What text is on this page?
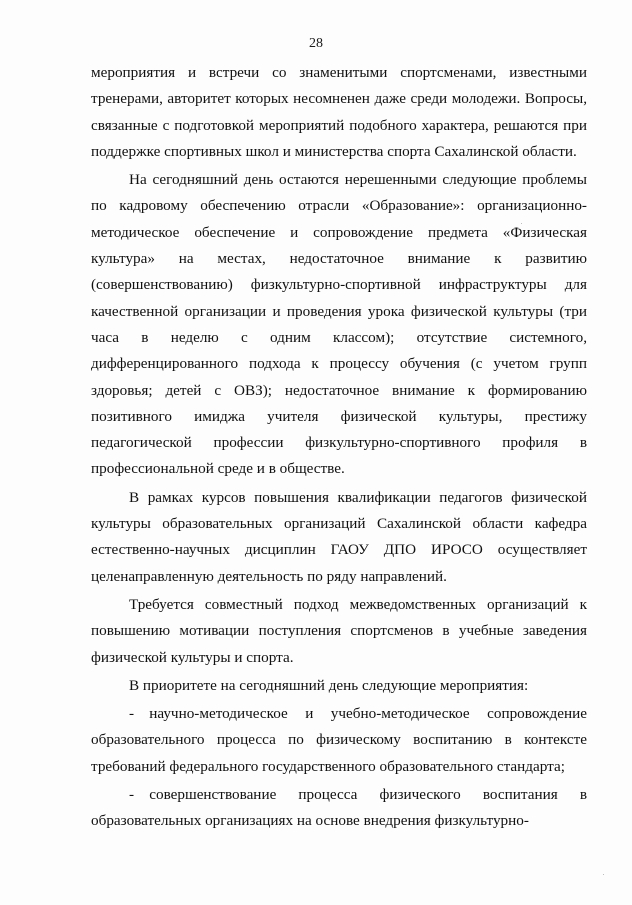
28

мероприятия и встречи со знаменитыми спортсменами, известными тренерами, авторитет которых несомненен даже среди молодежи. Вопросы, связанные с подготовкой мероприятий подобного характера, решаются при поддержке спортивных школ и министерства спорта Сахалинской области.

На сегодняшний день остаются нерешенными следующие проблемы по кадровому обеспечению отрасли «Образование»: организационно-методическое обеспечение и сопровождение предмета «Физическая культура» на местах, недостаточное внимание к развитию (совершенствованию) физкультурно-спортивной инфраструктуры для качественной организации и проведения урока физической культуры (три часа в неделю с одним классом); отсутствие системного, дифференцированного подхода к процессу обучения (с учетом групп здоровья; детей с ОВЗ); недостаточное внимание к формированию позитивного имиджа учителя физической культуры, престижу педагогической профессии физкультурно-спортивного профиля в профессиональной среде и в обществе.

В рамках курсов повышения квалификации педагогов физической культуры образовательных организаций Сахалинской области кафедра естественно-научных дисциплин ГАОУ ДПО ИРОСО осуществляет целенаправленную деятельность по ряду направлений.

Требуется совместный подход межведомственных организаций к повышению мотивации поступления спортсменов в учебные заведения физической культуры и спорта.

В приоритете на сегодняшний день следующие мероприятия:

- научно-методическое и учебно-методическое сопровождение образовательного процесса по физическому воспитанию в контексте требований федерального государственного образовательного стандарта;

- совершенствование процесса физического воспитания в образовательных организациях на основе внедрения физкультурно-
